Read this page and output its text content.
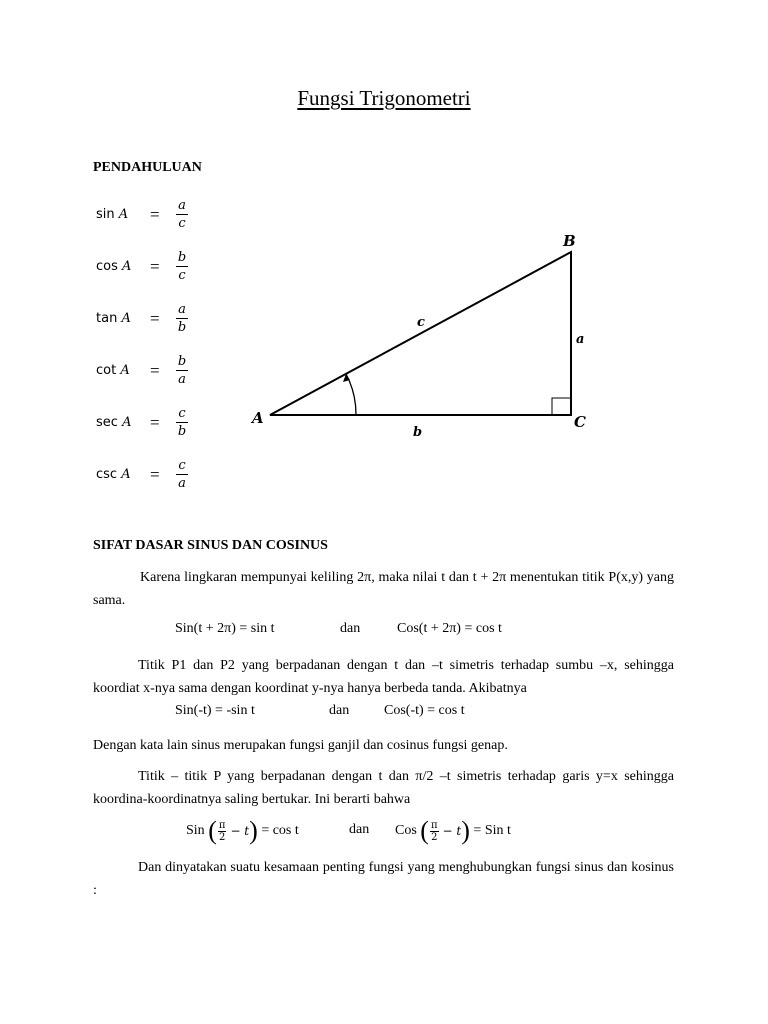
Fungsi Trigonometri
PENDAHULUAN
$\sin A = \frac{a}{c}$
$\cos A = \frac{b}{c}$
$\tan A = \frac{a}{b}$
$\cot A = \frac{b}{a}$
$\sec A = \frac{c}{b}$
$\csc A = \frac{c}{a}$
A
B
C
a
b
c
SIFAT DASAR SINUS DAN COSINUS
Karena lingkaran mempunyai keliling 2π, maka nilai t dan t + 2π menentukan titik P(x,y) yang sama.
Sin(t + 2π) = sin t	dan	Cos(t + 2π) = cos t
Titik P1 dan P2 yang berpadanan dengan t dan –t simetris terhadap sumbu –x, sehingga koordiat x-nya sama dengan koordinat y-nya hanya berbeda tanda. Akibatnya
Sin(-t) = -sin t	dan Cos(-t) = cos t
Dengan kata lain sinus merupakan fungsi ganjil dan cosinus fungsi genap.
Titik – titik P yang berpadanan dengan t dan π/2 –t simetris terhadap garis y=x sehingga koordina-koordinatnya saling bertukar. Ini berarti bahwa
Sin
( $\frac{\pi}{2} - t$ )
= cos t	dan Cos
( $\frac{\pi}{2} - t$ )
= Sin t
Dan dinyatakan suatu kesamaan penting fungsi yang menghubungkan fungsi sinus dan kosinus :
